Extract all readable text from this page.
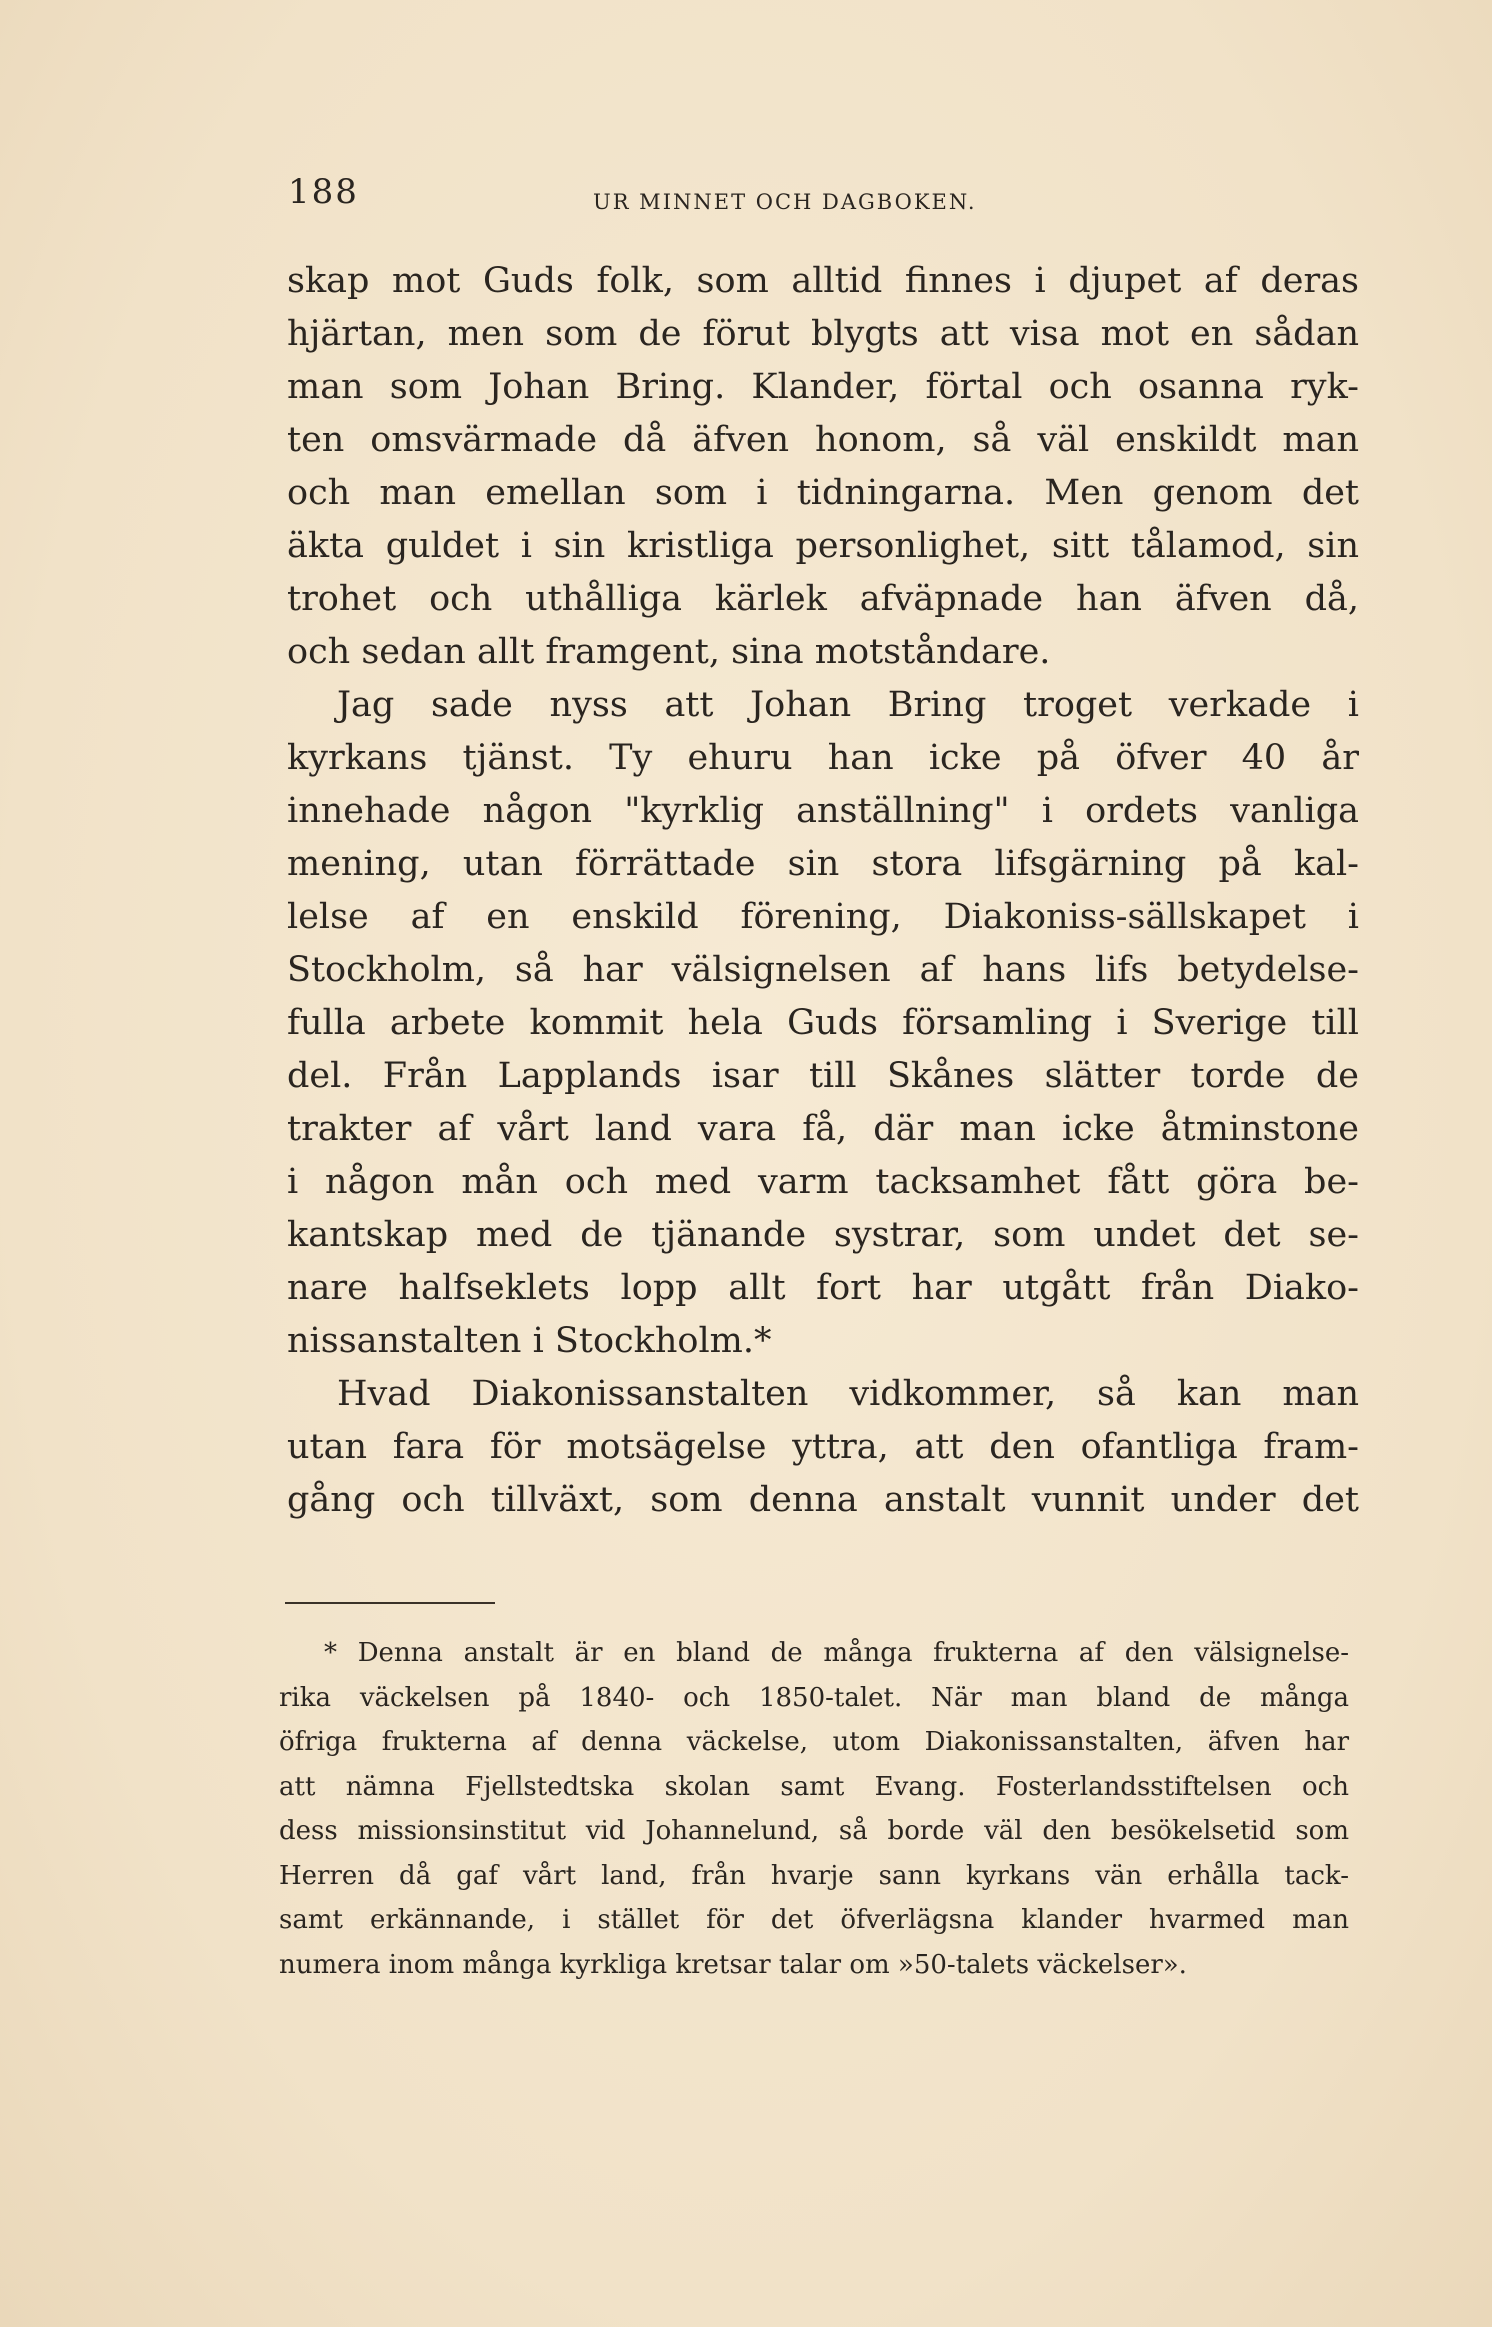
188	UR MINNET OCH DAGBOKEN.
skap mot Guds folk, som alltid finnes i djupet af deras
hjärtan, men som de förut blygts att visa mot en sådan
man som Johan Bring. Klander, förtal och osanna ryk-
ten omsvärmade då äfven honom, så väl enskildt man
och man emellan som i tidningarna. Men genom det
äkta guldet i sin kristliga personlighet, sitt tålamod, sin
trohet och uthålliga kärlek afväpnade han äfven då,
och sedan allt framgent, sina motståndare.
Jag sade nyss att Johan Bring troget verkade i
kyrkans tjänst. Ty ehuru han icke på öfver 40 år
innehade någon "kyrklig anställning" i ordets vanliga
mening, utan förrättade sin stora lifsgärning på kal-
lelse af en enskild förening, Diakoniss-sällskapet i
Stockholm, så har välsignelsen af hans lifs betydelse-
fulla arbete kommit hela Guds församling i Sverige till
del. Från Lapplands isar till Skånes slätter torde de
trakter af vårt land vara få, där man icke åtminstone
i någon mån och med varm tacksamhet fått göra be-
kantskap med de tjänande systrar, som undet det se-
nare halfseklets lopp allt fort har utgått från Diako-
nissanstalten i Stockholm.*
Hvad Diakonissanstalten vidkommer, så kan man
utan fara för motsägelse yttra, att den ofantliga fram-
gång och tillväxt, som denna anstalt vunnit under det
* Denna anstalt är en bland de många frukterna af den välsignelse-
rika väckelsen på 1840- och 1850-talet. När man bland de många
öfriga frukterna af denna väckelse, utom Diakonissanstalten, äfven har
att nämna Fjellstedtska skolan samt Evang. Fosterlandsstiftelsen och
dess missionsinstitut vid Johannelund, så borde väl den besökelsetid som
Herren då gaf vårt land, från hvarje sann kyrkans vän erhålla tack-
samt erkännande, i stället för det öfverlägsna klander hvarmed man
numera inom många kyrkliga kretsar talar om »50-talets väckelser».
